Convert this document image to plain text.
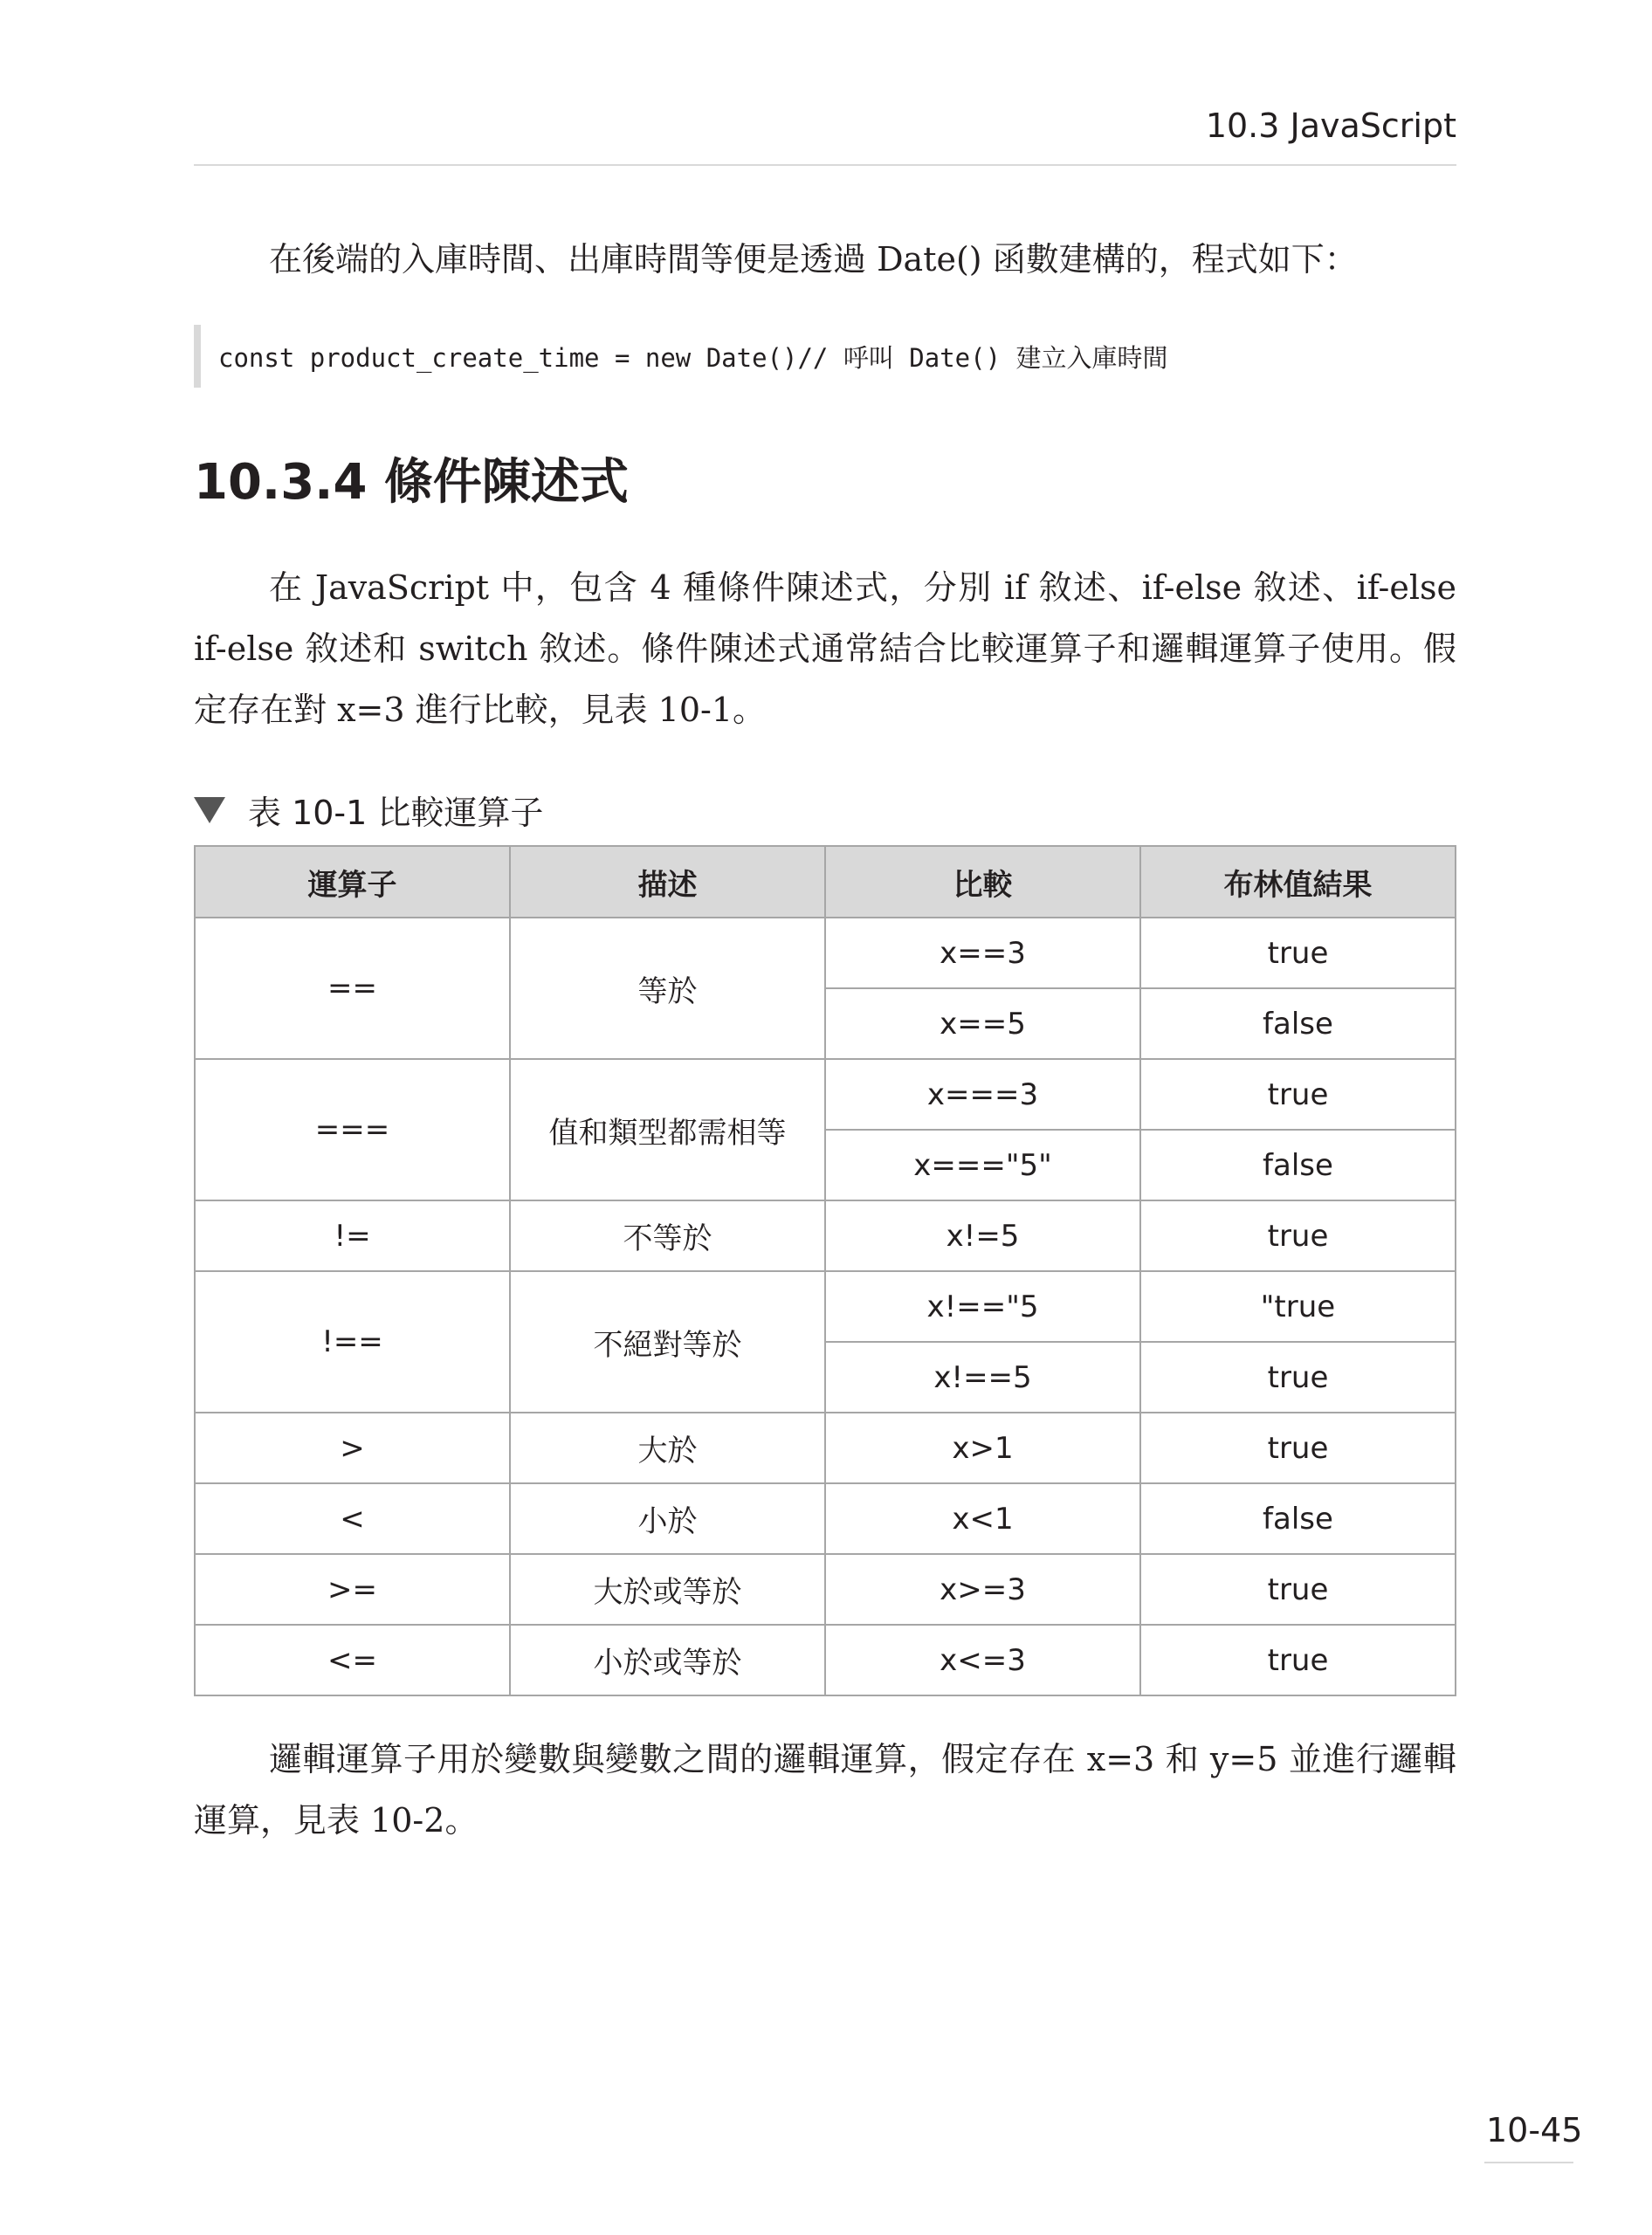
10.3 JavaScript

在後端的入庫時間、出庫時間等便是透過 Date() 函數建構的，程式如下：

const product_create_time = new Date()// 呼叫 Date() 建立入庫時間
10.3.4 條件陳述式

在 JavaScript 中，包含 4 種條件陳述式，分別 if 敘述、if-else 敘述、if-else if-else 敘述和 switch 敘述。條件陳述式通常結合比較運算子和邏輯運算子使用。假定存在對 x=3 進行比較，見表 10-1。

表 10-1 比較運算子
運算子	描述	比較	布林值結果
==	等於	x==3	true
		x==5	false
===	值和類型都需相等	x===3	true
		x==="5"	false
!=	不等於	x!=5	true
!==	不絕對等於	x!=="5	"true
		x!==5	true
>	大於	x>1	true
<	小於	x<1	false
>=	大於或等於	x>=3	true
<=	小於或等於	x<=3	true

邏輯運算子用於變數與變數之間的邏輯運算，假定存在 x=3 和 y=5 並進行邏輯運算，見表 10-2。

10-45
